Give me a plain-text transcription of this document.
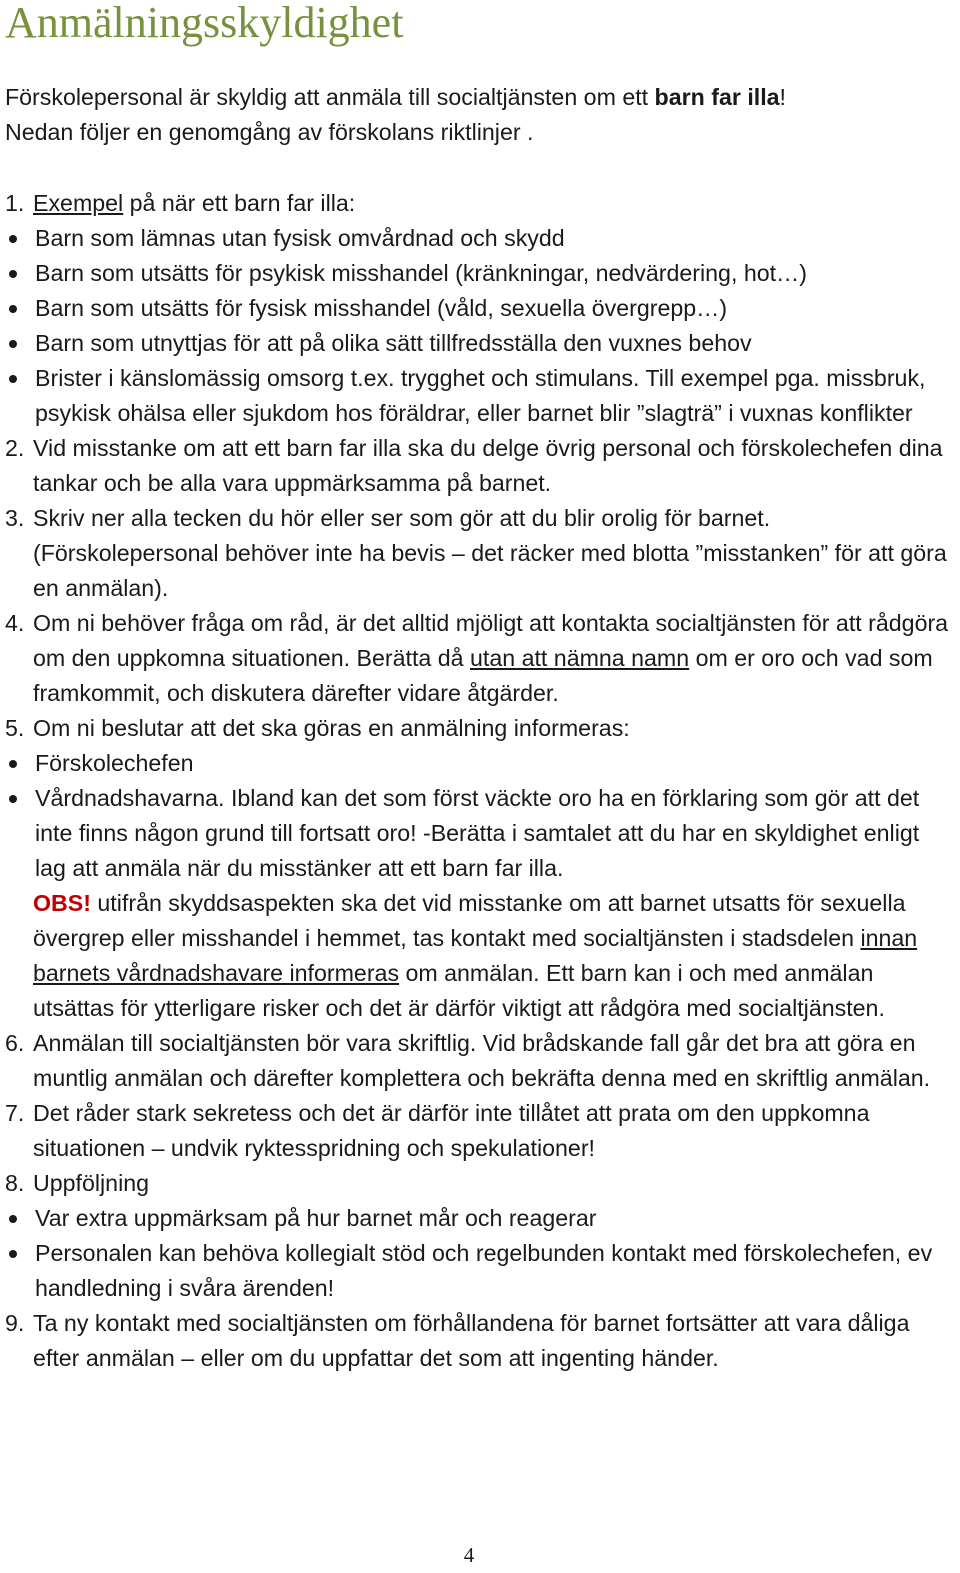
Anmälningsskyldighet

Förskolepersonal är skyldig att anmäla till socialtjänsten om ett barn far illa!
Nedan följer en genomgång av förskolans riktlinjer .

1. Exempel på när ett barn far illa:

Barn som lämnas utan fysisk omvårdnad och skydd
Barn som utsätts för psykisk misshandel (kränkningar, nedvärdering, hot…)
Barn som utsätts för fysisk misshandel (våld, sexuella övergrepp…)
Barn som utnyttjas för att på olika sätt tillfredsställa den vuxnes behov
Brister i känslomässig omsorg t.ex. trygghet och stimulans. Till exempel pga. missbruk, psykisk ohälsa eller sjukdom hos föräldrar, eller barnet blir ”slagträ” i vuxnas konflikter
2. Vid misstanke om att ett barn far illa ska du delge övrig personal och förskolechefen dina tankar och be alla vara uppmärksamma på barnet.

3. Skriv ner alla tecken du hör eller ser som gör att du blir orolig för barnet. (Förskolepersonal behöver inte ha bevis – det räcker med blotta ”misstanken” för att göra en anmälan).

4. Om ni behöver fråga om råd, är det alltid mjöligt att kontakta socialtjänsten för att rådgöra om den uppkomna situationen. Berätta då utan att nämna namn om er oro och vad som framkommit, och diskutera därefter vidare åtgärder.

5. Om ni beslutar att det ska göras en anmälning informeras:

Förskolechefen
Vårdnadshavarna. Ibland kan det som först väckte oro ha en förklaring som gör att det inte finns någon grund till fortsatt oro! -Berätta i samtalet att du har en skyldighet enligt lag att anmäla när du misstänker att ett barn far illa.

OBS! utifrån skyddsaspekten ska det vid misstanke om att barnet utsatts för sexuella övergrep eller misshandel i hemmet, tas kontakt med socialtjänsten i stadsdelen innan barnets vårdnadshavare informeras om anmälan. Ett barn kan i och med anmälan utsättas för ytterligare risker och det är därför viktigt att rådgöra med socialtjänsten.

6. Anmälan till socialtjänsten bör vara skriftlig. Vid brådskande fall går det bra att göra en muntlig anmälan och därefter komplettera och bekräfta denna med en skriftlig anmälan.

7. Det råder stark sekretess och det är därför inte tillåtet att prata om den uppkomna situationen – undvik ryktesspridning och spekulationer!

8. Uppföljning

Var extra uppmärksam på hur barnet mår och reagerar
Personalen kan behöva kollegialt stöd och regelbunden kontakt med förskolechefen, ev handledning i svåra ärenden!
9. Ta ny kontakt med socialtjänsten om förhållandena för barnet fortsätter att vara dåliga efter anmälan – eller om du uppfattar det som att ingenting händer.

4
